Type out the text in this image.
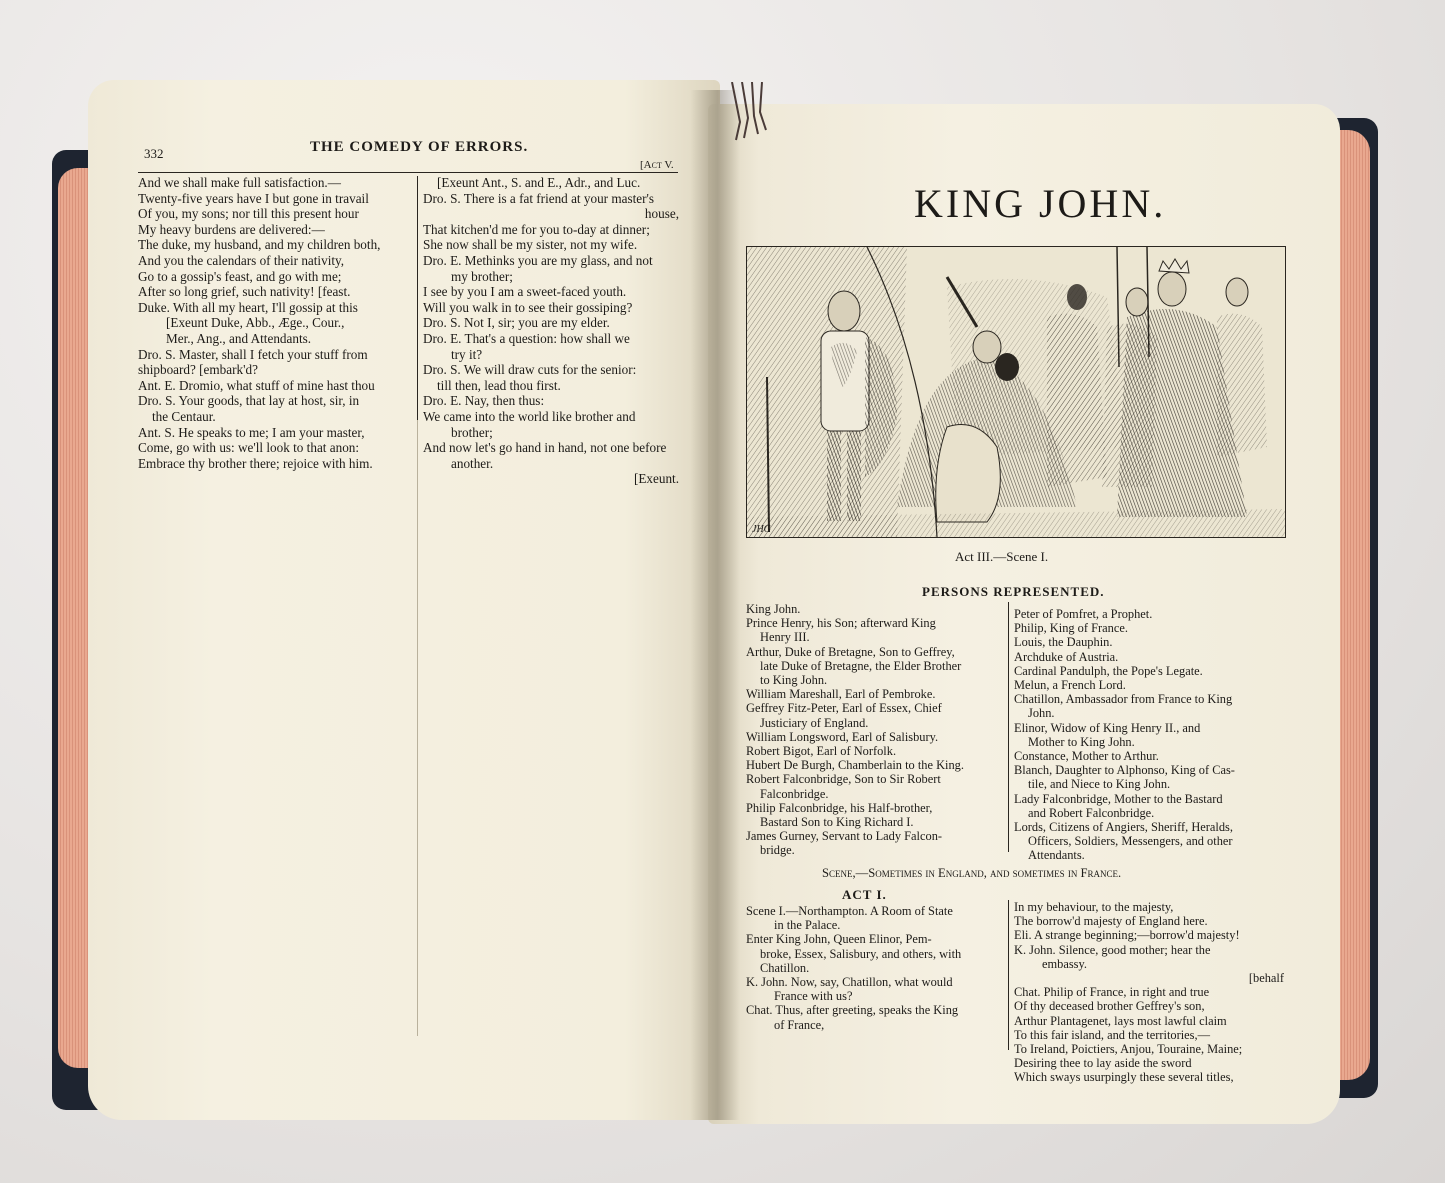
332	THE COMEDY OF ERRORS.
[Act V.
And we shall make full satisfaction.—
Twenty-five years have I but gone in travail
Of you, my sons; nor till this present hour
My heavy burdens are delivered:—
The duke, my husband, and my children both,
And you the calendars of their nativity,
Go to a gossip's feast, and go with me;
After so long grief, such nativity! [feast.
Duke. With all my heart, I'll gossip at this
[Exeunt Duke, Abb., Ægе., Cour.,
Mer., Ang., and Attendants.
Dro. S. Master, shall I fetch your stuff from
shipboard? [embark'd?
Ant. E. Dromio, what stuff of mine hast thou
Dro. S. Your goods, that lay at host, sir, in
the Centaur.
Ant. S. He speaks to me; I am your master,
Come, go with us: we'll look to that anon:
Embrace thy brother there; rejoice with him.
[Exeunt Ant., S. and E., Adr., and Luc.
Dro. S. There is a fat friend at your master's
house,
That kitchen'd me for you to-day at dinner;
She now shall be my sister, not my wife.
Dro. E. Methinks you are my glass, and not
my brother;
I see by you I am a sweet-faced youth.
Will you walk in to see their gossiping?
Dro. S. Not I, sir; you are my elder.
Dro. E. That's a question: how shall we
try it?
Dro. S. We will draw cuts for the senior:
till then, lead thou first.
Dro. E. Nay, then thus:
We came into the world like brother and
brother;
And now let's go hand in hand, not one before
another.
[Exeunt.
KING JOHN.
JHG
Act III.—Scene I.
PERSONS REPRESENTED.
King John.
Prince Henry, his Son; afterward King
Henry III.
Arthur, Duke of Bretagne, Son to Geffrey,
late Duke of Bretagne, the Elder Brother
to King John.
William Mareshall, Earl of Pembroke.
Geffrey Fitz-Peter, Earl of Essex, Chief
Justiciary of England.
William Longsword, Earl of Salisbury.
Robert Bigot, Earl of Norfolk.
Hubert De Burgh, Chamberlain to the King.
Robert Falconbridge, Son to Sir Robert
Falconbridge.
Philip Falconbridge, his Half-brother,
Bastard Son to King Richard I.
James Gurney, Servant to Lady Falcon-
bridge.
Peter of Pomfret, a Prophet.
Philip, King of France.
Louis, the Dauphin.
Archduke of Austria.
Cardinal Pandulph, the Pope's Legate.
Melun, a French Lord.
Chatillon, Ambassador from France to King
John.
Elinor, Widow of King Henry II., and
Mother to King John.
Constance, Mother to Arthur.
Blanch, Daughter to Alphonso, King of Cas-
tile, and Niece to King John.
Lady Falconbridge, Mother to the Bastard
and Robert Falconbridge.
Lords, Citizens of Angiers, Sheriff, Heralds,
Officers, Soldiers, Messengers, and other
Attendants.
Scene,—Sometimes in England, and sometimes in France.
ACT I.
Scene I.—Northampton. A Room of State
in the Palace.
Enter King John, Queen Elinor, Pem-
broke, Essex, Salisbury, and others, with
Chatillon.
K. John. Now, say, Chatillon, what would
France with us?
Chat. Thus, after greeting, speaks the King
of France,
In my behaviour, to the majesty,
The borrow'd majesty of England here.
Eli. A strange beginning;—borrow'd majesty!
K. John. Silence, good mother; hear the
embassy.
[behalf
Chat. Philip of France, in right and true
Of thy deceased brother Geffrey's son,
Arthur Plantagenet, lays most lawful claim
To this fair island, and the territories,—
To Ireland, Poictiers, Anjou, Touraine, Maine;
Desiring thee to lay aside the sword
Which sways usurpingly these several titles,
